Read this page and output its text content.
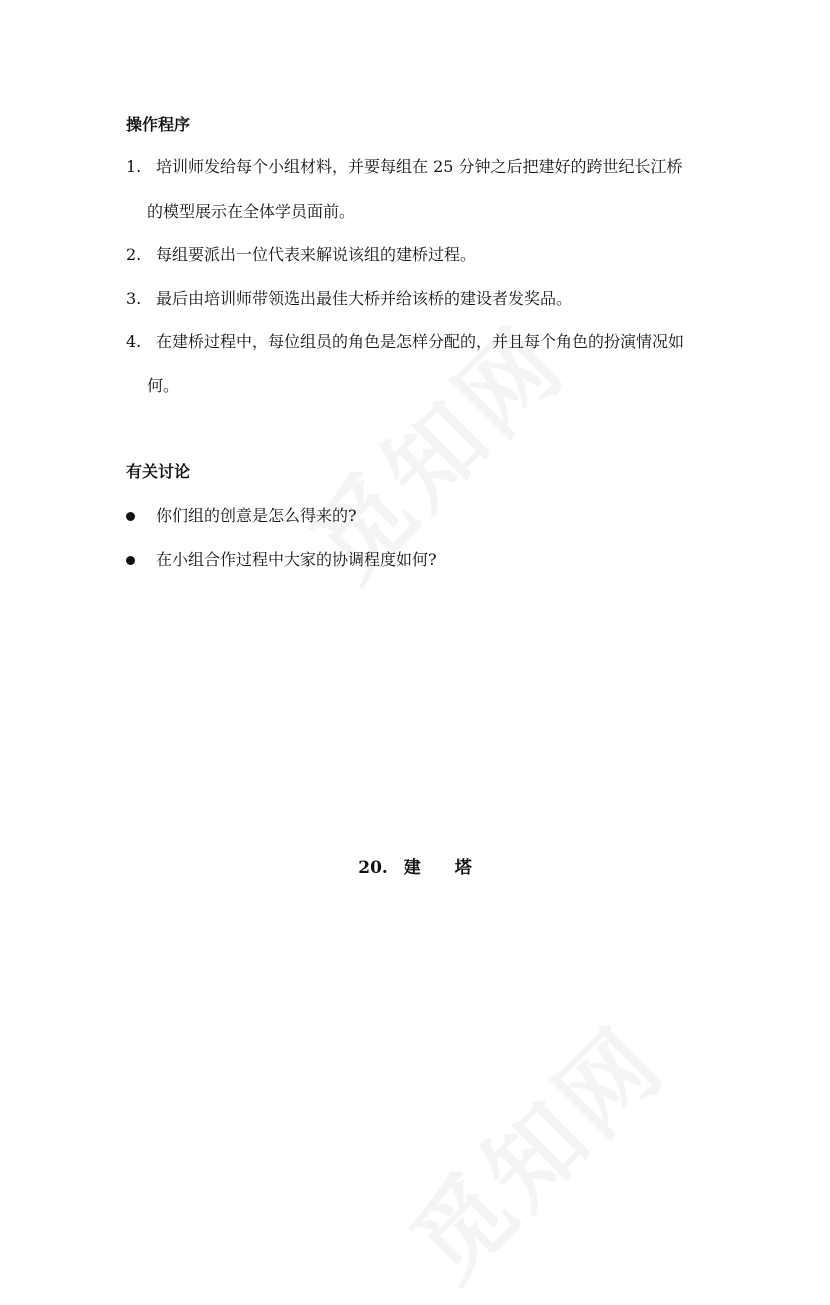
操作程序
1. 培训师发给每个小组材料，并要每组在 25 分钟之后把建好的跨世纪长江桥
的模型展示在全体学员面前。
2. 每组要派出一位代表来解说该组的建桥过程。
3. 最后由培训师带领选出最佳大桥并给该桥的建设者发奖品。
4. 在建桥过程中，每位组员的角色是怎样分配的，并且每个角色的扮演情况如
何。
有关讨论
你们组的创意是怎么得来的?
在小组合作过程中大家的协调程度如何?
20. 建 塔
